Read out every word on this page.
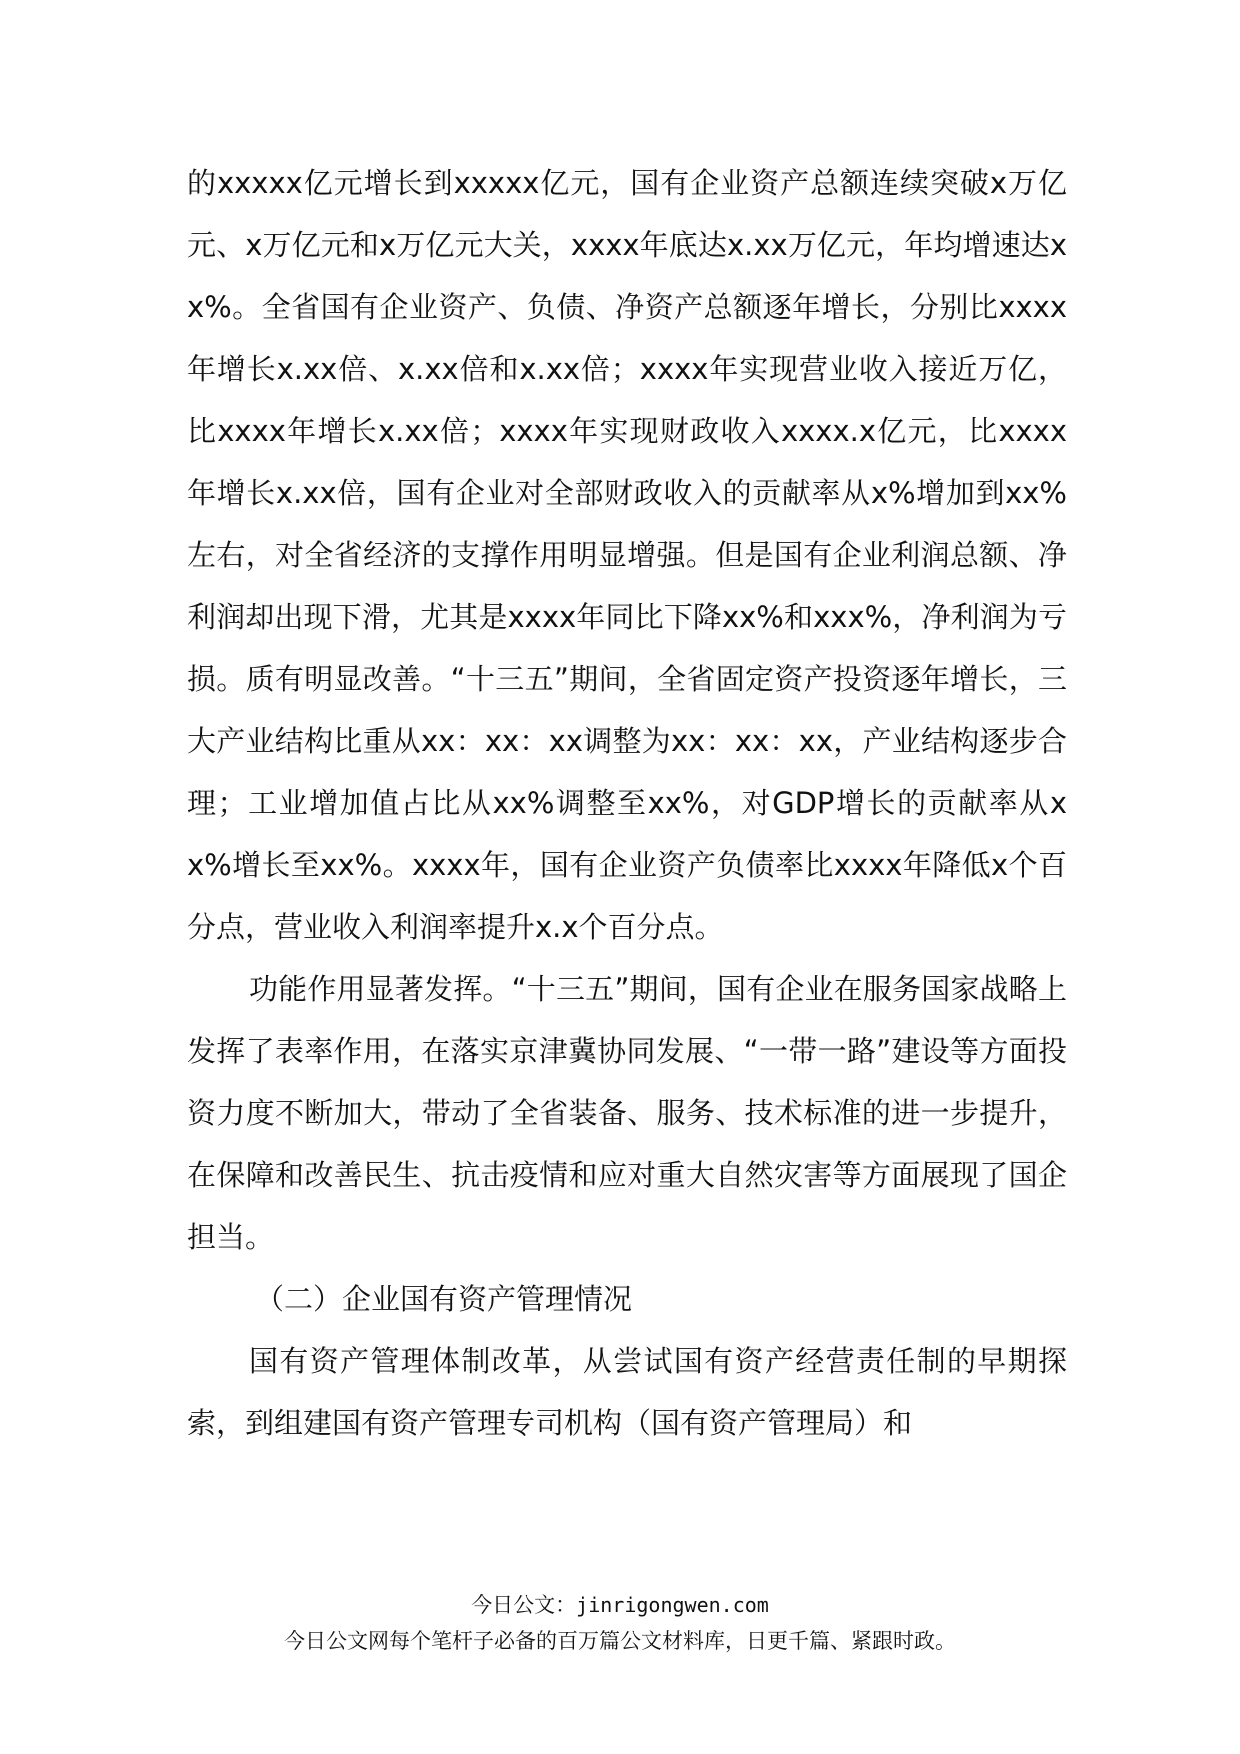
的xxxxx亿元增长到xxxxx亿元，国有企业资产总额连续突破x万亿元、x万亿元和x万亿元大关，xxxx年底达x.xx万亿元，年均增速达xx%。全省国有企业资产、负债、净资产总额逐年增长，分别比xxxx年增长x.xx倍、x.xx倍和x.xx倍；xxxx年实现营业收入接近万亿，比xxxx年增长x.xx倍；xxxx年实现财政收入xxxx.x亿元，比xxxx年增长x.xx倍，国有企业对全部财政收入的贡献率从x%增加到xx%左右，对全省经济的支撑作用明显增强。但是国有企业利润总额、净利润却出现下滑，尤其是xxxx年同比下降xx%和xxx%，净利润为亏损。质有明显改善。“十三五”期间，全省固定资产投资逐年增长，三大产业结构比重从xx：xx：xx调整为xx：xx：xx，产业结构逐步合理；工业增加值占比从xx%调整至xx%，对GDP增长的贡献率从xx%增长至xx%。xxxx年，国有企业资产负债率比xxxx年降低x个百分点，营业收入利润率提升x.x个百分点。

功能作用显著发挥。“十三五”期间，国有企业在服务国家战略上发挥了表率作用，在落实京津冀协同发展、“一带一路”建设等方面投资力度不断加大，带动了全省装备、服务、技术标准的进一步提升，在保障和改善民生、抗击疫情和应对重大自然灾害等方面展现了国企担当。

（二）企业国有资产管理情况

国有资产管理体制改革，从尝试国有资产经营责任制的早期探索，到组建国有资产管理专司机构（国有资产管理局）和

今日公文：jinrigongwen.com
今日公文网每个笔杆子必备的百万篇公文材料库，日更千篇、紧跟时政。
